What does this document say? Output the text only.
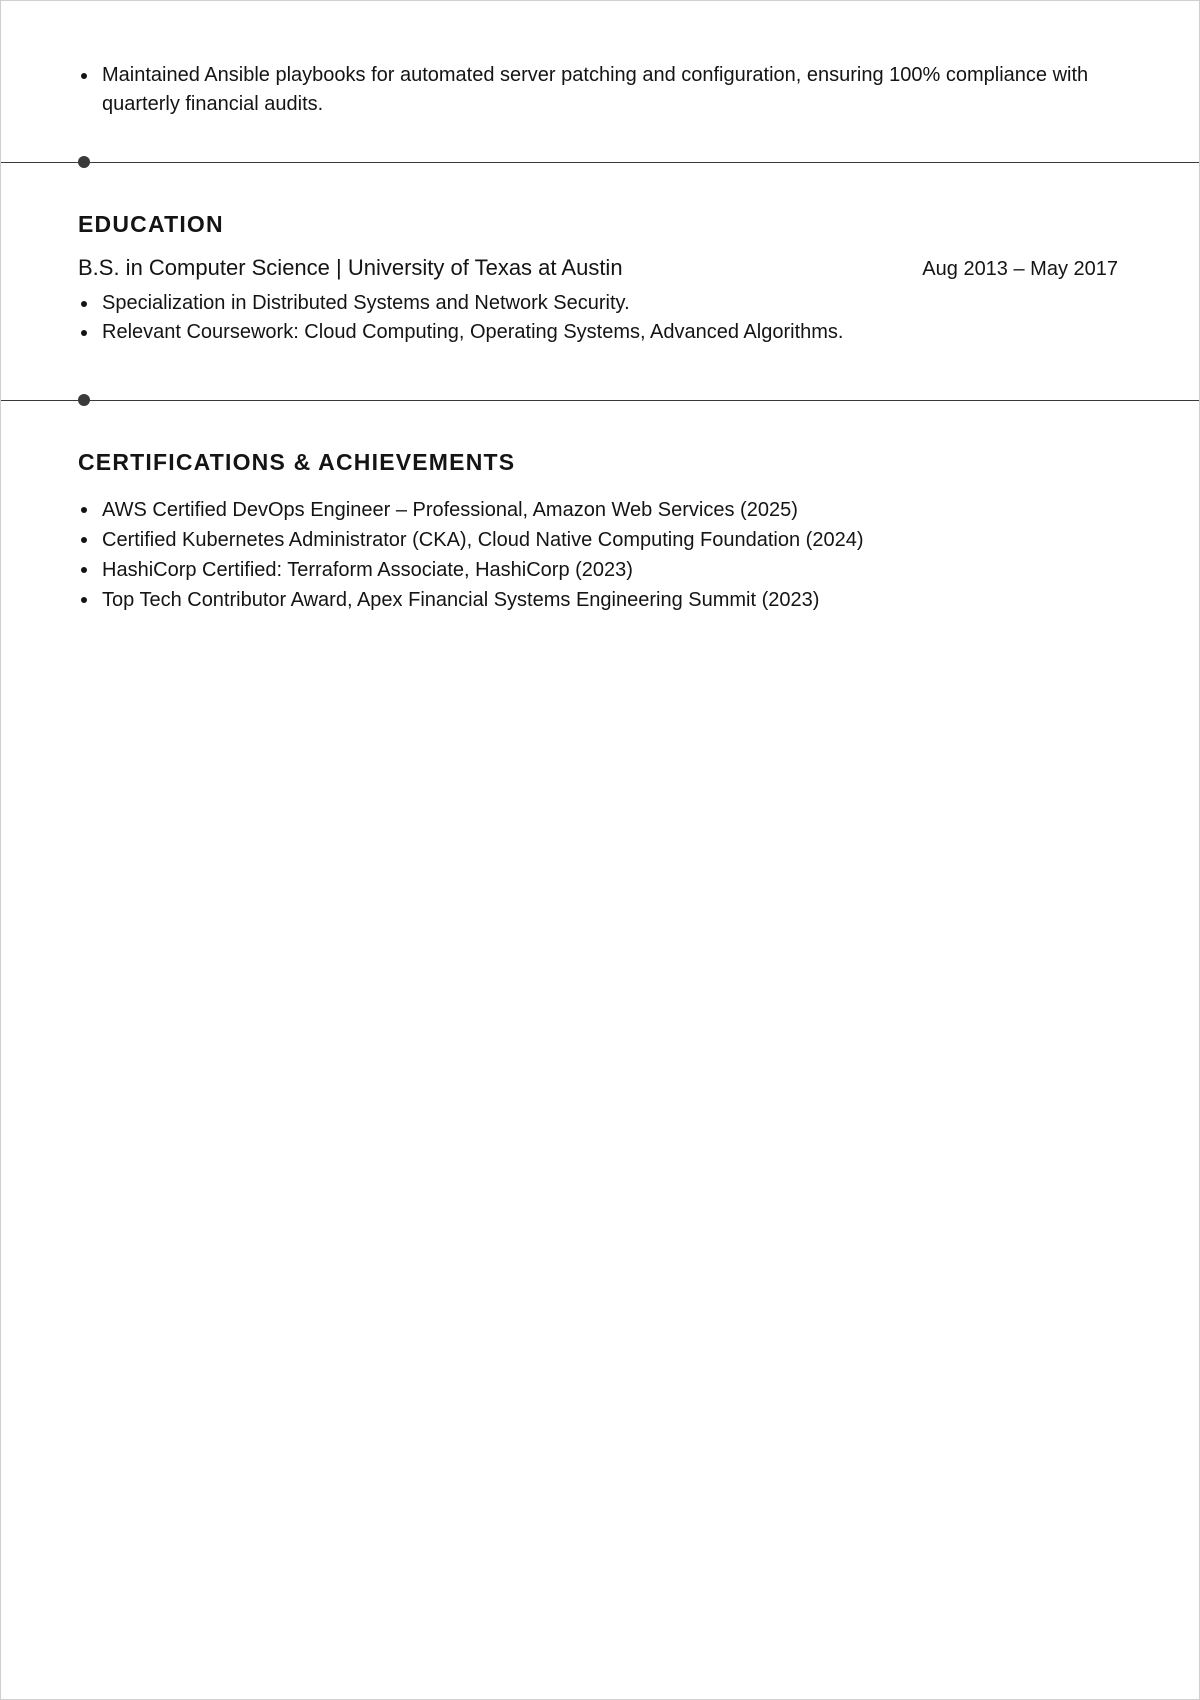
Maintained Ansible playbooks for automated server patching and configuration, ensuring 100% compliance with quarterly financial audits.
EDUCATION
B.S. in Computer Science | University of Texas at Austin	Aug 2013 – May 2017
Specialization in Distributed Systems and Network Security.
Relevant Coursework: Cloud Computing, Operating Systems, Advanced Algorithms.
CERTIFICATIONS & ACHIEVEMENTS
AWS Certified DevOps Engineer – Professional, Amazon Web Services (2025)
Certified Kubernetes Administrator (CKA), Cloud Native Computing Foundation (2024)
HashiCorp Certified: Terraform Associate, HashiCorp (2023)
Top Tech Contributor Award, Apex Financial Systems Engineering Summit (2023)
